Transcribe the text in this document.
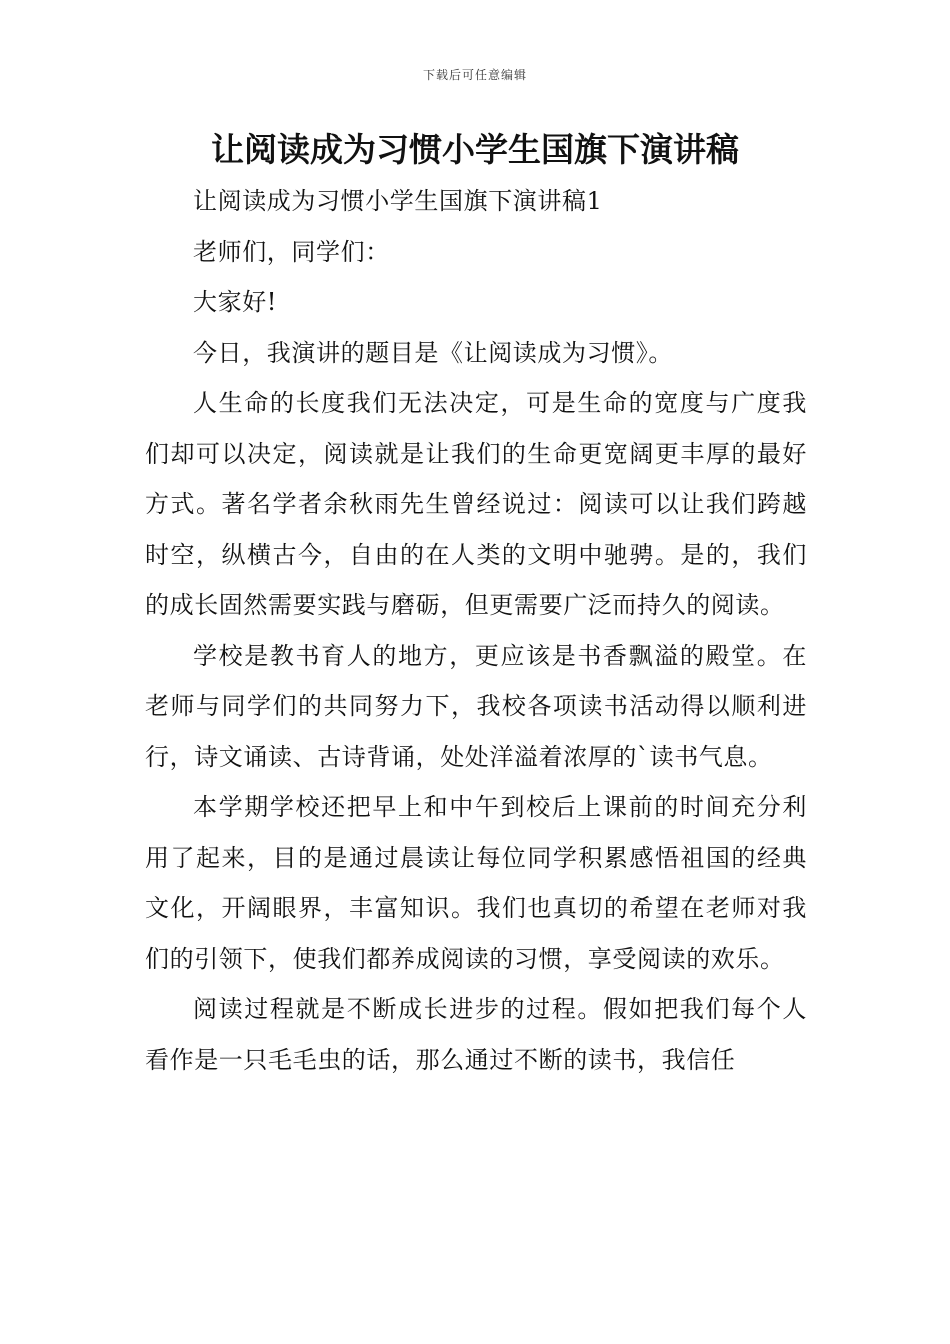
下载后可任意编辑
让阅读成为习惯小学生国旗下演讲稿

让阅读成为习惯小学生国旗下演讲稿1

老师们，同学们：

大家好!

今日，我演讲的题目是《让阅读成为习惯》。

人生命的长度我们无法决定，可是生命的宽度与广度我们却可以决定，阅读就是让我们的生命更宽阔更丰厚的最好方式。著名学者余秋雨先生曾经说过：阅读可以让我们跨越时空，纵横古今，自由的在人类的文明中驰骋。是的，我们的成长固然需要实践与磨砺，但更需要广泛而持久的阅读。

学校是教书育人的地方，更应该是书香飘溢的殿堂。在老师与同学们的共同努力下，我校各项读书活动得以顺利进行，诗文诵读、古诗背诵，处处洋溢着浓厚的`读书气息。

本学期学校还把早上和中午到校后上课前的时间充分利用了起来，目的是通过晨读让每位同学积累感悟祖国的经典文化，开阔眼界，丰富知识。我们也真切的希望在老师对我们的引领下，使我们都养成阅读的习惯，享受阅读的欢乐。

阅读过程就是不断成长进步的过程。假如把我们每个人看作是一只毛毛虫的话，那么通过不断的读书，我信任
